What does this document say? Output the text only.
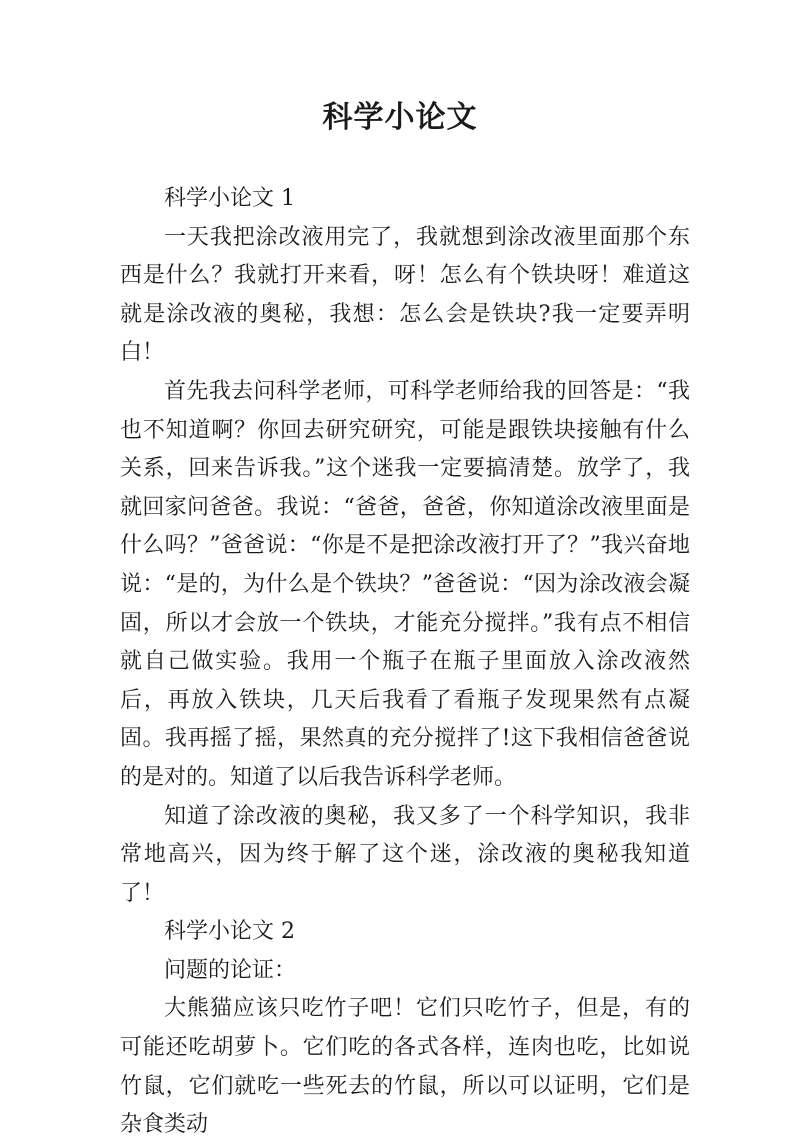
科学小论文

科学小论文 1

一天我把涂改液用完了，我就想到涂改液里面那个东西是什么？我就打开来看，呀！怎么有个铁块呀！难道这就是涂改液的奥秘，我想：怎么会是铁块?我一定要弄明白！

首先我去问科学老师，可科学老师给我的回答是：“我也不知道啊？你回去研究研究，可能是跟铁块接触有什么关系，回来告诉我。”这个迷我一定要搞清楚。放学了，我就回家问爸爸。我说：“爸爸，爸爸，你知道涂改液里面是什么吗？”爸爸说：“你是不是把涂改液打开了？”我兴奋地说：“是的，为什么是个铁块？”爸爸说：“因为涂改液会凝固，所以才会放一个铁块，才能充分搅拌。”我有点不相信就自己做实验。我用一个瓶子在瓶子里面放入涂改液然后，再放入铁块，几天后我看了看瓶子发现果然有点凝固。我再摇了摇，果然真的充分搅拌了!这下我相信爸爸说的是对的。知道了以后我告诉科学老师。

知道了涂改液的奥秘，我又多了一个科学知识，我非常地高兴，因为终于解了这个迷，涂改液的奥秘我知道了！

科学小论文 2

问题的论证：

大熊猫应该只吃竹子吧！它们只吃竹子，但是，有的可能还吃胡萝卜。它们吃的各式各样，连肉也吃，比如说竹鼠，它们就吃一些死去的竹鼠，所以可以证明，它们是杂食类动
